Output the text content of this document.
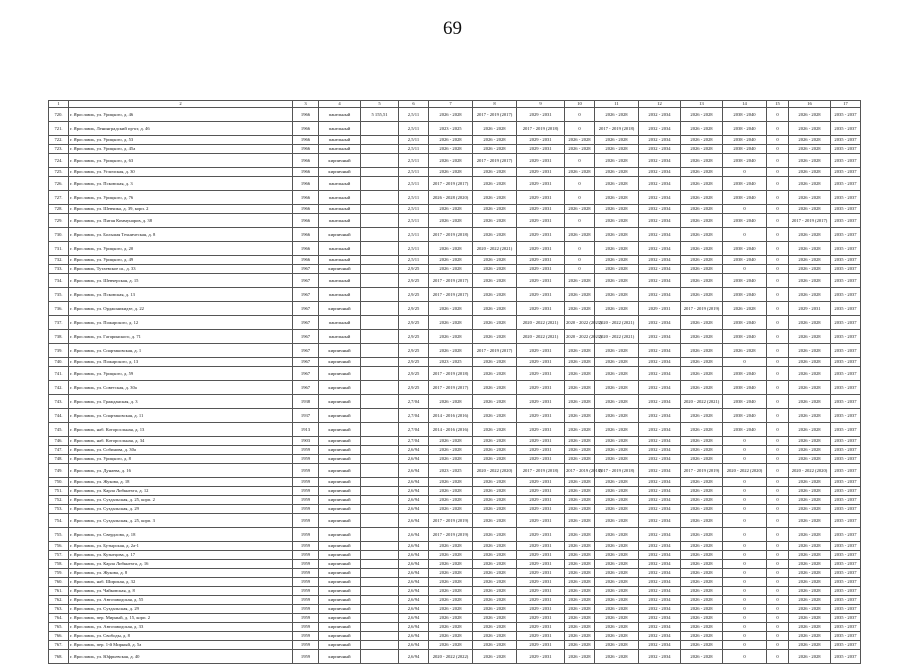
69
1	2	3	4	5	6	7	8	9	10	11	12	13	14	15	16	17
720.	г. Ярославль, ул. Урицкого, д. 46	1966	панельный	5 155,51	2,5/11	2026 - 2028	2017 - 2019 (2017)	2029 - 2031	0	2026 - 2028	2032 - 2034	2026 - 2028	2038 - 2040	0	2026 - 2028	2035 - 2037
721.	г. Ярославль, Ленинградский пр-кт, д. 46	1966	панельный		2,5/11	2023 - 2025	2026 - 2028	2017 - 2019 (2018)	0	2017 - 2019 (2018)	2032 - 2034	2026 - 2028	2038 - 2040	0	2026 - 2028	2035 - 2037
722.	г. Ярославль, ул. Урицкого, д. 53	1966	панельный		2,5/11	2026 - 2028	2026 - 2028	2029 - 2031	2026 - 2028	2026 - 2028	2032 - 2034	2026 - 2028	2038 - 2040	0	2026 - 2028	2035 - 2037
723.	г. Ярославль, ул. Урицкого, д. 45а	1966	панельный		2,5/11	2026 - 2028	2026 - 2028	2029 - 2031	2026 - 2028	2026 - 2028	2032 - 2034	2026 - 2028	2038 - 2040	0	2026 - 2028	2035 - 2037
724.	г. Ярославль, ул. Урицкого, д. 63	1966	кирпичный		2,5/11	2026 - 2028	2017 - 2019 (2017)	2029 - 2031	0	2026 - 2028	2032 - 2034	2026 - 2028	2038 - 2040	0	2026 - 2028	2035 - 2037
725.	г. Ярославль, ул. Угличская, д. 30	1966	кирпичный		2,5/11	2026 - 2028	2026 - 2028	2029 - 2031	2026 - 2028	2026 - 2028	2032 - 2034	2026 - 2028	0	0	2026 - 2028	2035 - 2037
726.	г. Ярославль, ул. Псковская, д. 3	1966	панельный		2,5/11	2017 - 2019 (2017)	2026 - 2028	2029 - 2031	0	2026 - 2028	2032 - 2034	2026 - 2028	2038 - 2040	0	2026 - 2028	2035 - 2037
727.	г. Ярославль, ул. Урицкого, д. 76	1966	панельный		2,5/11	2026 - 2028 (2020)	2026 - 2028	2029 - 2031	0	2026 - 2028	2032 - 2034	2026 - 2028	2038 - 2040	0	2026 - 2028	2035 - 2037
728.	г. Ярославль, ул. Шевчика, д. 39, корп. 2	1966	панельный		2,5/11	2026 - 2028	2026 - 2028	2029 - 2031	2026 - 2028	2026 - 2028	2032 - 2034	2026 - 2028	0	0	2026 - 2028	2035 - 2037
729.	г. Ярославль, ул. Пятая Коммунаров, д. 38	1966	панельный		2,5/11	2026 - 2028	2026 - 2028	2029 - 2031	0	2026 - 2028	2032 - 2034	2026 - 2028	2038 - 2040	0	2017 - 2019 (2017)	2035 - 2037
730.	г. Ярославль, ул. Большая Техническая, д. 8	1966	кирпичный		2,5/11	2017 - 2019 (2018)	2026 - 2028	2029 - 2031	2026 - 2028	2026 - 2028	2032 - 2034	2026 - 2028	0	0	2026 - 2028	2035 - 2037
731.	г. Ярославль, ул. Урицкого, д. 20	1966	панельный		2,5/11	2026 - 2028	2020 - 2022 (2021)	2029 - 2031	0	2026 - 2028	2032 - 2034	2026 - 2028	2038 - 2040	0	2026 - 2028	2035 - 2037
732.	г. Ярославль, ул. Урицкого, д. 49	1966	панельный		2,5/11	2026 - 2028	2026 - 2028	2029 - 2031	0	2026 - 2028	2032 - 2034	2026 - 2028	2038 - 2040	0	2026 - 2028	2035 - 2037
733.	г. Ярославль, Тутаевское ш., д. 33	1967	кирпичный		2,9/25	2026 - 2028	2026 - 2028	2029 - 2031	0	2026 - 2028	2032 - 2034	2026 - 2028	0	0	2026 - 2028	2035 - 2037
734.	г. Ярославль, ул. Шевчерская, д. 15	1967	панельный		2,9/25	2017 - 2019 (2017)	2026 - 2028	2029 - 2031	2026 - 2028	2026 - 2028	2032 - 2034	2026 - 2028	2038 - 2040	0	2026 - 2028	2035 - 2037
735.	г. Ярославль, ул. Псковская, д. 13	1967	панельный		2,9/25	2017 - 2019 (2017)	2026 - 2028	2029 - 2031	2026 - 2028	2026 - 2028	2032 - 2034	2026 - 2028	2038 - 2040	0	2026 - 2028	2035 - 2037
736.	г. Ярославль, ул. Орджоникидзе, д. 22	1967	кирпичный		2,9/25	2026 - 2028	2026 - 2028	2029 - 2031	2026 - 2028	2026 - 2028	2029 - 2031	2017 - 2019 (2019)	2026 - 2028	0	2029 - 2031	2035 - 2037
737.	г. Ярославль, ул. Пожарского, д. 12	1967	панельный		2,9/25	2026 - 2028	2026 - 2028	2020 - 2022 (2021)	2020 - 2022 (2021)	2020 - 2022 (2021)	2032 - 2034	2026 - 2028	2038 - 2040	0	2026 - 2028	2035 - 2037
738.	г. Ярославль, ул. Гагаринского, д. 71	1967	панельный		2,9/25	2026 - 2028	2026 - 2028	2020 - 2022 (2021)	2020 - 2022 (2021)	2020 - 2022 (2021)	2032 - 2034	2026 - 2028	2038 - 2040	0	2026 - 2028	2035 - 2037
739.	г. Ярославль, ул. Спартаковская, д. 1	1967	кирпичный		2,9/25	2026 - 2028	2017 - 2019 (2017)	2029 - 2031	2026 - 2028	2026 - 2028	2032 - 2034	2026 - 2028	2026 - 2028	0	2026 - 2028	2035 - 2037
740.	г. Ярославль, ул. Пожарского, д. 13	1967	кирпичный		2,9/25	2023 - 2025	2026 - 2028	2029 - 2031	2026 - 2028	2026 - 2028	2032 - 2034	2026 - 2028	0	0	2026 - 2028	2035 - 2037
741.	г. Ярославль, ул. Урицкого, д. 59	1967	кирпичный		2,9/25	2017 - 2019 (2018)	2026 - 2028	2029 - 2031	2026 - 2028	2026 - 2028	2032 - 2034	2026 - 2028	2038 - 2040	0	2026 - 2028	2035 - 2037
742.	г. Ярославль, ул. Советская, д. 30а	1967	кирпичный		2,9/25	2017 - 2019 (2017)	2026 - 2028	2029 - 2031	2026 - 2028	2026 - 2028	2032 - 2034	2026 - 2028	2038 - 2040	0	2026 - 2028	2035 - 2037
743.	г. Ярославль, ул. Гражданская, д. 3	1938	кирпичный		2,7/04	2026 - 2028	2026 - 2028	2029 - 2031	2026 - 2028	2026 - 2028	2032 - 2034	2020 - 2022 (2021)	2038 - 2040	0	2026 - 2028	2035 - 2037
744.	г. Ярославль, ул. Спартаковская, д. 11	1937	кирпичный		2,7/04	2014 - 2016 (2016)	2026 - 2028	2029 - 2031	2026 - 2028	2026 - 2028	2032 - 2034	2026 - 2028	2038 - 2040	0	2026 - 2028	2035 - 2037
745.	г. Ярославль, наб. Которосльная, д. 13	1913	кирпичный		2,7/04	2014 - 2016 (2016)	2026 - 2028	2029 - 2031	2026 - 2028	2026 - 2028	2032 - 2034	2026 - 2028	2038 - 2040	0	2026 - 2028	2035 - 2037
746.	г. Ярославль, наб. Которосльная, д. 34	1903	кирпичный		2,7/04	2026 - 2028	2026 - 2028	2029 - 2031	2026 - 2028	2026 - 2028	2032 - 2034	2026 - 2028	0	0	2026 - 2028	2035 - 2037
747.	г. Ярославль, ул. Собинова, д. 30а	1959	кирпичный		2,6/94	2026 - 2028	2026 - 2028	2029 - 2031	2026 - 2028	2026 - 2028	2032 - 2034	2026 - 2028	0	0	2026 - 2028	2035 - 2037
748.	г. Ярославль, ул. Урицкого, д. 8	1959	кирпичный		2,6/94	2026 - 2028	2026 - 2028	2029 - 2031	2026 - 2028	2026 - 2028	2032 - 2034	2026 - 2028	0	0	2026 - 2028	2035 - 2037
749.	г. Ярославль, ул. Дунаева, д. 16	1959	кирпичный		2,6/94	2023 - 2025	2020 - 2022 (2020)	2017 - 2019 (2018)	2017 - 2019 (2018)	2017 - 2019 (2018)	2032 - 2034	2017 - 2019 (2019)	2020 - 2022 (2020)	0	2020 - 2022 (2020)	2035 - 2037
750.	г. Ярославль, ул. Жукова, д. 18	1959	кирпичный		2,6/94	2026 - 2028	2026 - 2028	2029 - 2031	2026 - 2028	2026 - 2028	2032 - 2034	2026 - 2028	0	0	2026 - 2028	2035 - 2037
751.	г. Ярославль, ул. Карла Либкнехта, д. 12	1959	кирпичный		2,6/94	2026 - 2028	2026 - 2028	2029 - 2031	2026 - 2028	2026 - 2028	2032 - 2034	2026 - 2028	0	0	2026 - 2028	2035 - 2037
752.	г. Ярославль, ул. Суздальская, д. 25, корп. 2	1959	кирпичный		2,6/94	2026 - 2028	2026 - 2028	2029 - 2031	2026 - 2028	2026 - 2028	2032 - 2034	2026 - 2028	0	0	2026 - 2028	2035 - 2037
753.	г. Ярославль, ул. Суздальская, д. 29	1959	кирпичный		2,6/94	2026 - 2028	2026 - 2028	2029 - 2031	2026 - 2028	2026 - 2028	2032 - 2034	2026 - 2028	0	0	2026 - 2028	2035 - 2037
754.	г. Ярославль, ул. Суздальская, д. 25, корп. 3	1959	кирпичный		2,6/94	2017 - 2019 (2019)	2026 - 2028	2029 - 2031	2026 - 2028	2026 - 2028	2032 - 2034	2026 - 2028	0	0	2026 - 2028	2035 - 2037
755.	г. Ярославль, ул. Свердлова, д. 18	1959	кирпичный		2,6/94	2017 - 2019 (2019)	2026 - 2028	2029 - 2031	2026 - 2028	2026 - 2028	2032 - 2034	2026 - 2028	0	0	2026 - 2028	2035 - 2037
756.	г. Ярославль, ул. Бутырская, д. 2а-1	1959	кирпичный		2,6/94	2026 - 2028	2026 - 2028	2029 - 2031	2026 - 2028	2026 - 2028	2032 - 2034	2026 - 2028	0	0	2026 - 2028	2035 - 2037
757.	г. Ярославль, ул. Кузнецова, д. 17	1959	кирпичный		2,6/94	2026 - 2028	2026 - 2028	2029 - 2031	2026 - 2028	2026 - 2028	2032 - 2034	2026 - 2028	0	0	2026 - 2028	2035 - 2037
758.	г. Ярославль, ул. Карла Либкнехта, д. 16	1959	кирпичный		2,6/94	2026 - 2028	2026 - 2028	2029 - 2031	2026 - 2028	2026 - 2028	2032 - 2034	2026 - 2028	0	0	2026 - 2028	2035 - 2037
759.	г. Ярославль, ул. Жукова, д. 8	1959	кирпичный		2,6/94	2026 - 2028	2026 - 2028	2029 - 2031	2026 - 2028	2026 - 2028	2032 - 2034	2026 - 2028	0	0	2026 - 2028	2035 - 2037
760.	г. Ярославль, наб. Широкая, д. 32	1959	кирпичный		2,6/94	2026 - 2028	2026 - 2028	2029 - 2031	2026 - 2028	2026 - 2028	2032 - 2034	2026 - 2028	0	0	2026 - 2028	2035 - 2037
761.	г. Ярославль, ул. Чайковская, д. 8	1959	кирпичный		2,6/94	2026 - 2028	2026 - 2028	2029 - 2031	2026 - 2028	2026 - 2028	2032 - 2034	2026 - 2028	0	0	2026 - 2028	2035 - 2037
762.	г. Ярославль, ул. Автозаводская, д. 55	1959	кирпичный		2,6/94	2026 - 2028	2026 - 2028	2029 - 2031	2026 - 2028	2026 - 2028	2032 - 2034	2026 - 2028	0	0	2026 - 2028	2035 - 2037
763.	г. Ярославль, ул. Суздальская, д. 29	1959	кирпичный		2,6/94	2026 - 2028	2026 - 2028	2029 - 2031	2026 - 2028	2026 - 2028	2032 - 2034	2026 - 2028	0	0	2026 - 2028	2035 - 2037
764.	г. Ярославль, пер. Мирный, д. 15, корп. 2	1959	кирпичный		2,6/94	2026 - 2028	2026 - 2028	2029 - 2031	2026 - 2028	2026 - 2028	2032 - 2034	2026 - 2028	0	0	2026 - 2028	2035 - 2037
765.	г. Ярославль, ул. Автозаводская, д. 33	1959	кирпичный		2,6/94	2026 - 2028	2026 - 2028	2029 - 2031	2026 - 2028	2026 - 2028	2032 - 2034	2026 - 2028	0	0	2026 - 2028	2035 - 2037
766.	г. Ярославль, ул. Свободы, д. 8	1959	кирпичный		2,6/94	2026 - 2028	2026 - 2028	2029 - 2031	2026 - 2028	2026 - 2028	2032 - 2034	2026 - 2028	0	0	2026 - 2028	2035 - 2037
767.	г. Ярославль, пер. 1-й Мирный, д. 5а	1959	кирпичный		2,6/94	2026 - 2028	2026 - 2028	2029 - 2031	2026 - 2028	2026 - 2028	2032 - 2034	2026 - 2028	0	0	2026 - 2028	2035 - 2037
768.	г. Ярославль, ул. Юфрьевская, д. 40	1959	кирпичный		2,6/94	2020 - 2022 (2022)	2026 - 2028	2029 - 2031	2026 - 2028	2026 - 2028	2032 - 2034	2026 - 2028	0	0	2026 - 2028	2035 - 2037
